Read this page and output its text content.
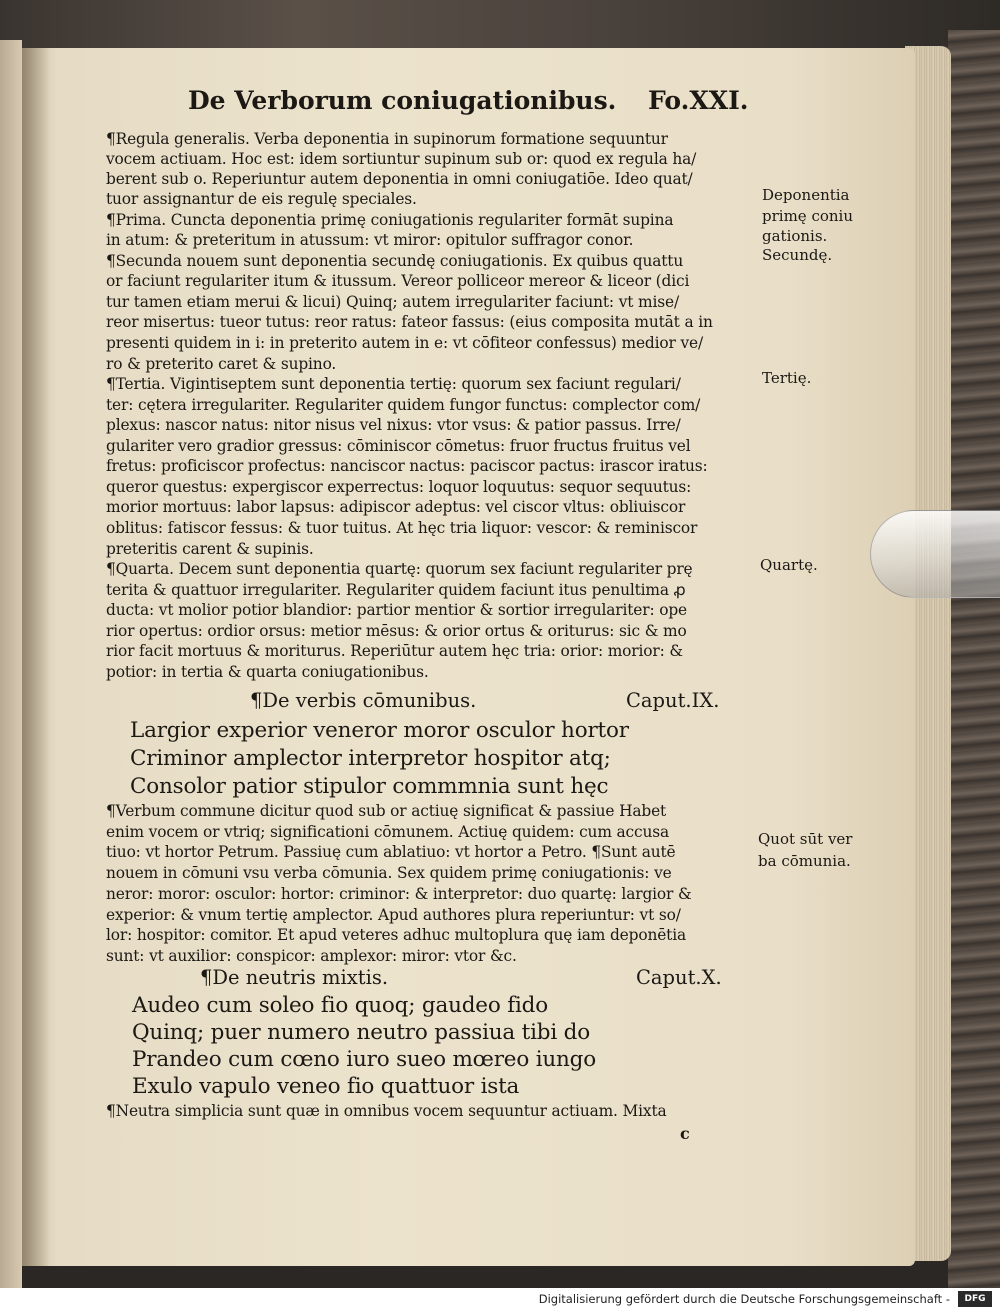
De Verborum coniugationibus. Fo.XXI.
¶Regula generalis. Verba deponentia in supinorum formatione sequuntur
vocem actiuam. Hoc est: idem sortiuntur supinum sub or: quod ex regula ha/
berent sub o. Reperiuntur autem deponentia in omni coniugatiōe. Ideo quat/
tuor assignantur de eis regulę speciales.
¶Prima. Cuncta deponentia primę coniugationis regulariter formāt supina
in atum: & preteritum in atussum: vt miror: opitulor suffragor conor.
¶Secunda nouem sunt deponentia secundę coniugationis. Ex quibus quattu
or faciunt regulariter itum & itussum. Vereor polliceor mereor & liceor (dici
tur tamen etiam merui & licui) Quinq; autem irregulariter faciunt: vt mise/
reor misertus: tueor tutus: reor ratus: fateor fassus: (eius composita mutāt a in
presenti quidem in i: in preterito autem in e: vt cōfiteor confessus) medior ve/
ro & preterito caret & supino.
¶Tertia. Vigintiseptem sunt deponentia tertię: quorum sex faciunt regulari/
ter: cętera irregulariter. Regulariter quidem fungor functus: complector com/
plexus: nascor natus: nitor nisus vel nixus: vtor vsus: & patior passus. Irre/
gulariter vero gradior gressus: cōminiscor cōmetus: fruor fructus fruitus vel
fretus: proficiscor profectus: nanciscor nactus: paciscor pactus: irascor iratus:
queror questus: expergiscor experrectus: loquor loquutus: sequor sequutus:
morior mortuus: labor lapsus: adipiscor adeptus: vel ciscor vltus: obliuiscor
oblitus: fatiscor fessus: & tuor tuitus. At hęc tria liquor: vescor: & reminiscor
preteritis carent & supinis.
¶Quarta. Decem sunt deponentia quartę: quorum sex faciunt regulariter prę
terita & quattuor irregulariter. Regulariter quidem faciunt itus penultima ꝓ
ducta: vt molior potior blandior: partior mentior & sortior irregulariter: ope
rior opertus: ordior orsus: metior mēsus: & orior ortus & oriturus: sic & mo
rior facit mortuus & moriturus. Reperiūtur autem hęc tria: orior: morior: &
potior: in tertia & quarta coniugationibus.
Deponentia
primę coniu
gationis.
Secundę.
Tertię.
Quartę.
Quot sūt ver
ba cōmunia.
¶De verbis cōmunibus.	Caput.IX.
Largior experior veneror moror osculor hortor
Criminor amplector interpretor hospitor atq;
Consolor patior stipulor commmnia sunt hęc
¶Verbum commune dicitur quod sub or actiuę significat & passiue Habet
enim vocem or vtriq; significationi cōmunem. Actiuę quidem: cum accusa
tiuo: vt hortor Petrum. Passiuę cum ablatiuo: vt hortor a Petro. ¶Sunt autē
nouem in cōmuni vsu verba cōmunia. Sex quidem primę coniugationis: ve
neror: moror: osculor: hortor: criminor: & interpretor: duo quartę: largior &
experior: & vnum tertię amplector. Apud authores plura reperiuntur: vt so/
lor: hospitor: comitor. Et apud veteres adhuc multoplura quę iam deponētia
sunt: vt auxilior: conspicor: amplexor: miror: vtor &c.
¶De neutris mixtis.	Caput.X.
Audeo cum soleo fio quoq; gaudeo fido
Quinq; puer numero neutro passiua tibi do
Prandeo cum cœno iuro sueo mœreo iungo
Exulo vapulo veneo fio quattuor ista
¶Neutra simplicia sunt quæ in omnibus vocem sequuntur actiuam. Mixta
c
Digitalisierung gefördert durch die Deutsche Forschungsgemeinschaft -	DFG
